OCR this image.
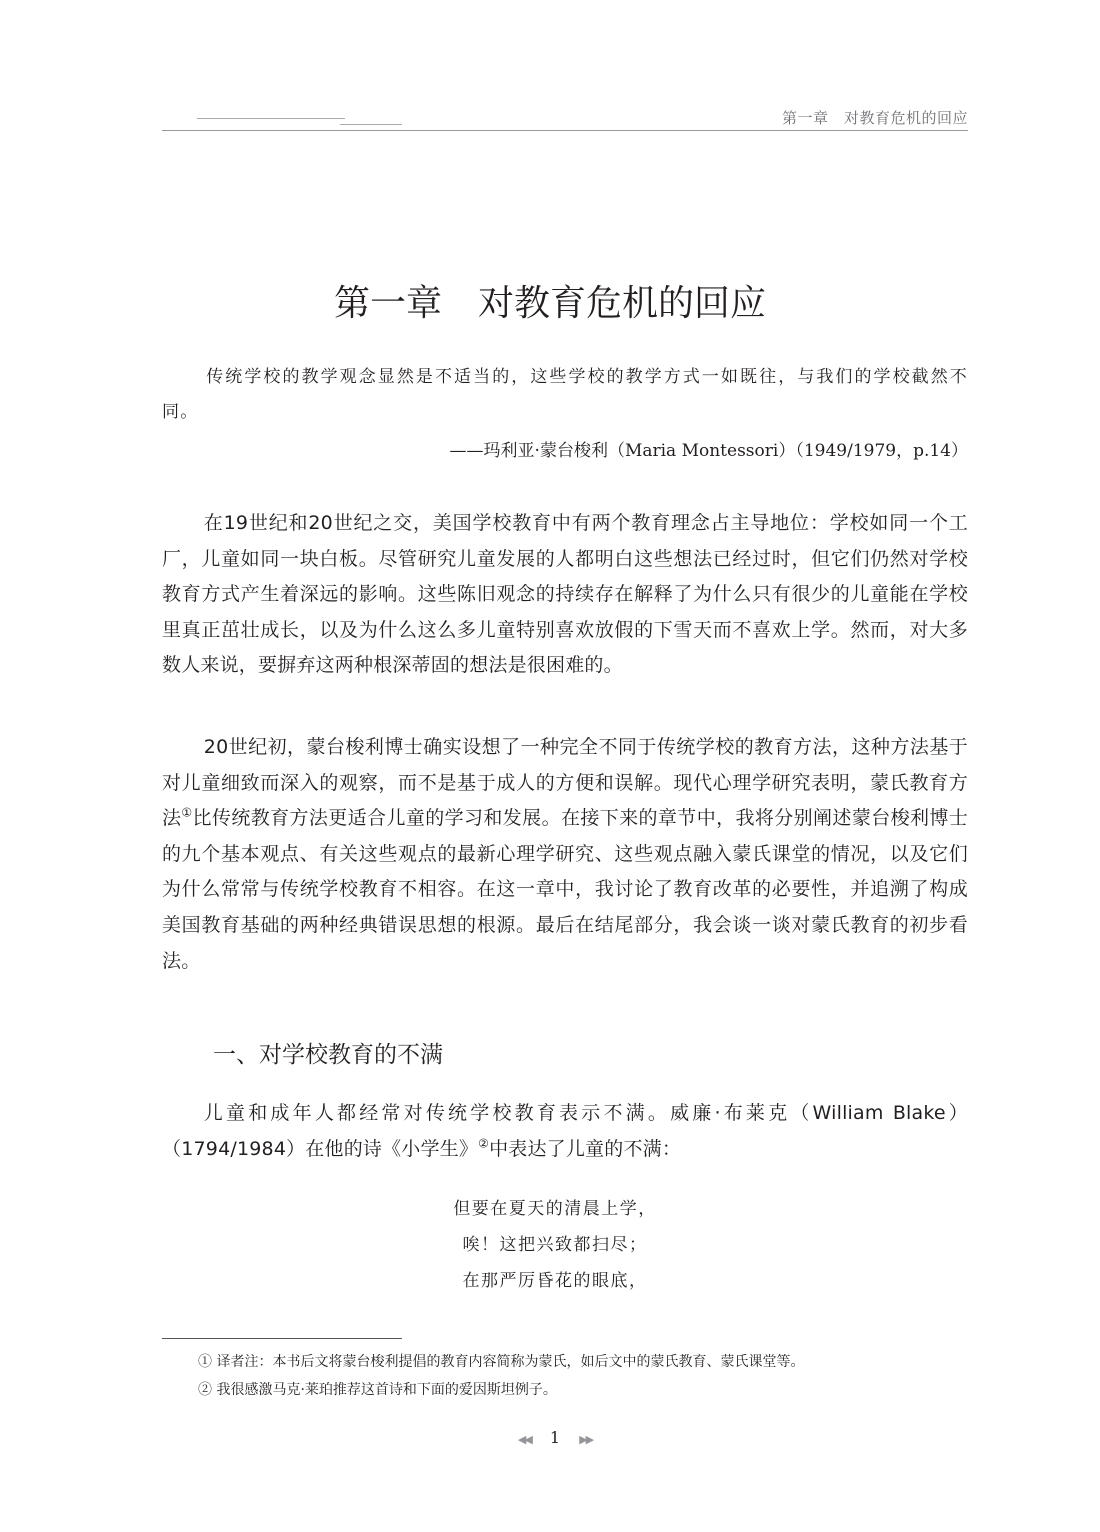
第一章　对教育危机的回应
第一章　对教育危机的回应

传统学校的教学观念显然是不适当的，这些学校的教学方式一如既往，与我们的学校截然不同。

——玛利亚·蒙台梭利（Maria Montessori）（1949/1979，p.14）

在19世纪和20世纪之交，美国学校教育中有两个教育理念占主导地位：学校如同一个工厂，儿童如同一块白板。尽管研究儿童发展的人都明白这些想法已经过时，但它们仍然对学校教育方式产生着深远的影响。这些陈旧观念的持续存在解释了为什么只有很少的儿童能在学校里真正茁壮成长，以及为什么这么多儿童特别喜欢放假的下雪天而不喜欢上学。然而，对大多数人来说，要摒弃这两种根深蒂固的想法是很困难的。

20世纪初，蒙台梭利博士确实设想了一种完全不同于传统学校的教育方法，这种方法基于对儿童细致而深入的观察，而不是基于成人的方便和误解。现代心理学研究表明，蒙氏教育方法①比传统教育方法更适合儿童的学习和发展。在接下来的章节中，我将分别阐述蒙台梭利博士的九个基本观点、有关这些观点的最新心理学研究、这些观点融入蒙氏课堂的情况，以及它们为什么常常与传统学校教育不相容。在这一章中，我讨论了教育改革的必要性，并追溯了构成美国教育基础的两种经典错误思想的根源。最后在结尾部分，我会谈一谈对蒙氏教育的初步看法。

一、对学校教育的不满

儿童和成年人都经常对传统学校教育表示不满。威廉·布莱克（William Blake）（1794/1984）在他的诗《小学生》②中表达了儿童的不满：

但要在夏天的清晨上学，
唉！这把兴致都扫尽；
在那严厉昏花的眼底，
① 译者注：本书后文将蒙台梭利提倡的教育内容简称为蒙氏，如后文中的蒙氏教育、蒙氏课堂等。
② 我很感激马克·莱珀推荐这首诗和下面的爱因斯坦例子。
◀◀ 1 ▶▶
